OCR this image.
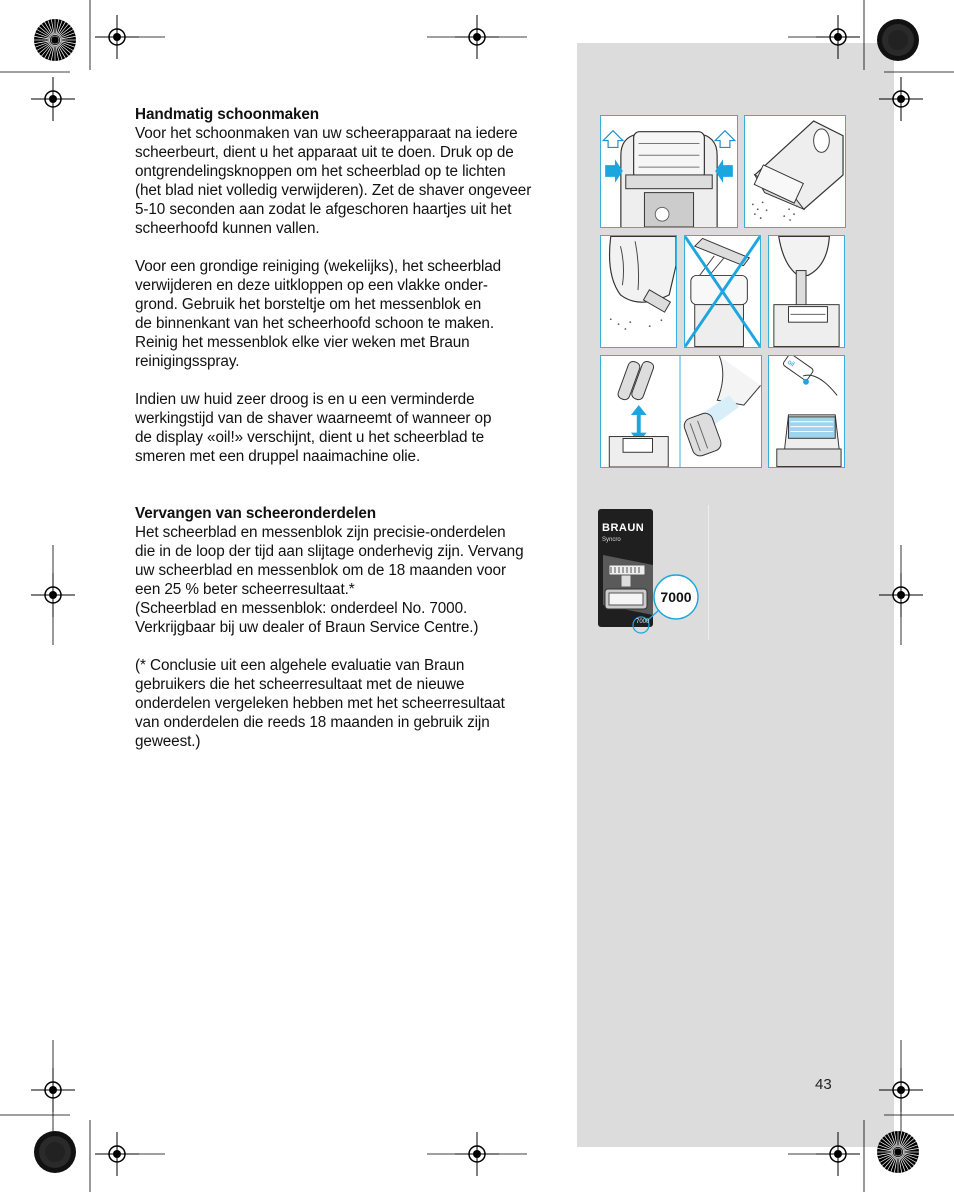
Handmatig schoonmaken

Voor het schoonmaken van uw scheerapparaat na iedere
scheerbeurt, dient u het apparaat uit te doen. Druk op de
ontgrendelingsknoppen om het scheerblad op te lichten
(het blad niet volledig verwijderen). Zet de shaver ongeveer
5-10 seconden aan zodat le afgeschoren haartjes uit het
scheerhoofd kunnen vallen.

Voor een grondige reiniging (wekelijks), het scheerblad
verwijderen en deze uitkloppen op een vlakke onder-
grond. Gebruik het borsteltje om het messenblok en
de binnenkant van het scheerhoofd schoon te maken.
Reinig het messenblok elke vier weken met Braun
reinigingsspray.

Indien uw huid zeer droog is en u een verminderde
werkingstijd van de shaver waarneemt of wanneer op
de display «oil!» verschijnt, dient u het scheerblad te
smeren met een druppel naaimachine olie.

Vervangen van scheeronderdelen

Het scheerblad en messenblok zijn precisie-onderdelen
die in de loop der tijd aan slijtage onderhevig zijn. Vervang
uw scheerblad en messenblok om de 18 maanden voor
een 25 % beter scheerresultaat.*
(Scheerblad en messenblok: onderdeel No. 7000.
Verkrijgbaar bij uw dealer of Braun Service Centre.)

(* Conclusie uit een algehele evaluatie van Braun
gebruikers die het scheerresultaat met de nieuwe
onderdelen vergeleken hebben met het scheerresultaat
van onderdelen die reeds 18 maanden in gebruik zijn
geweest.)

oil
BRAUN
Syncro
7000
7000
43
